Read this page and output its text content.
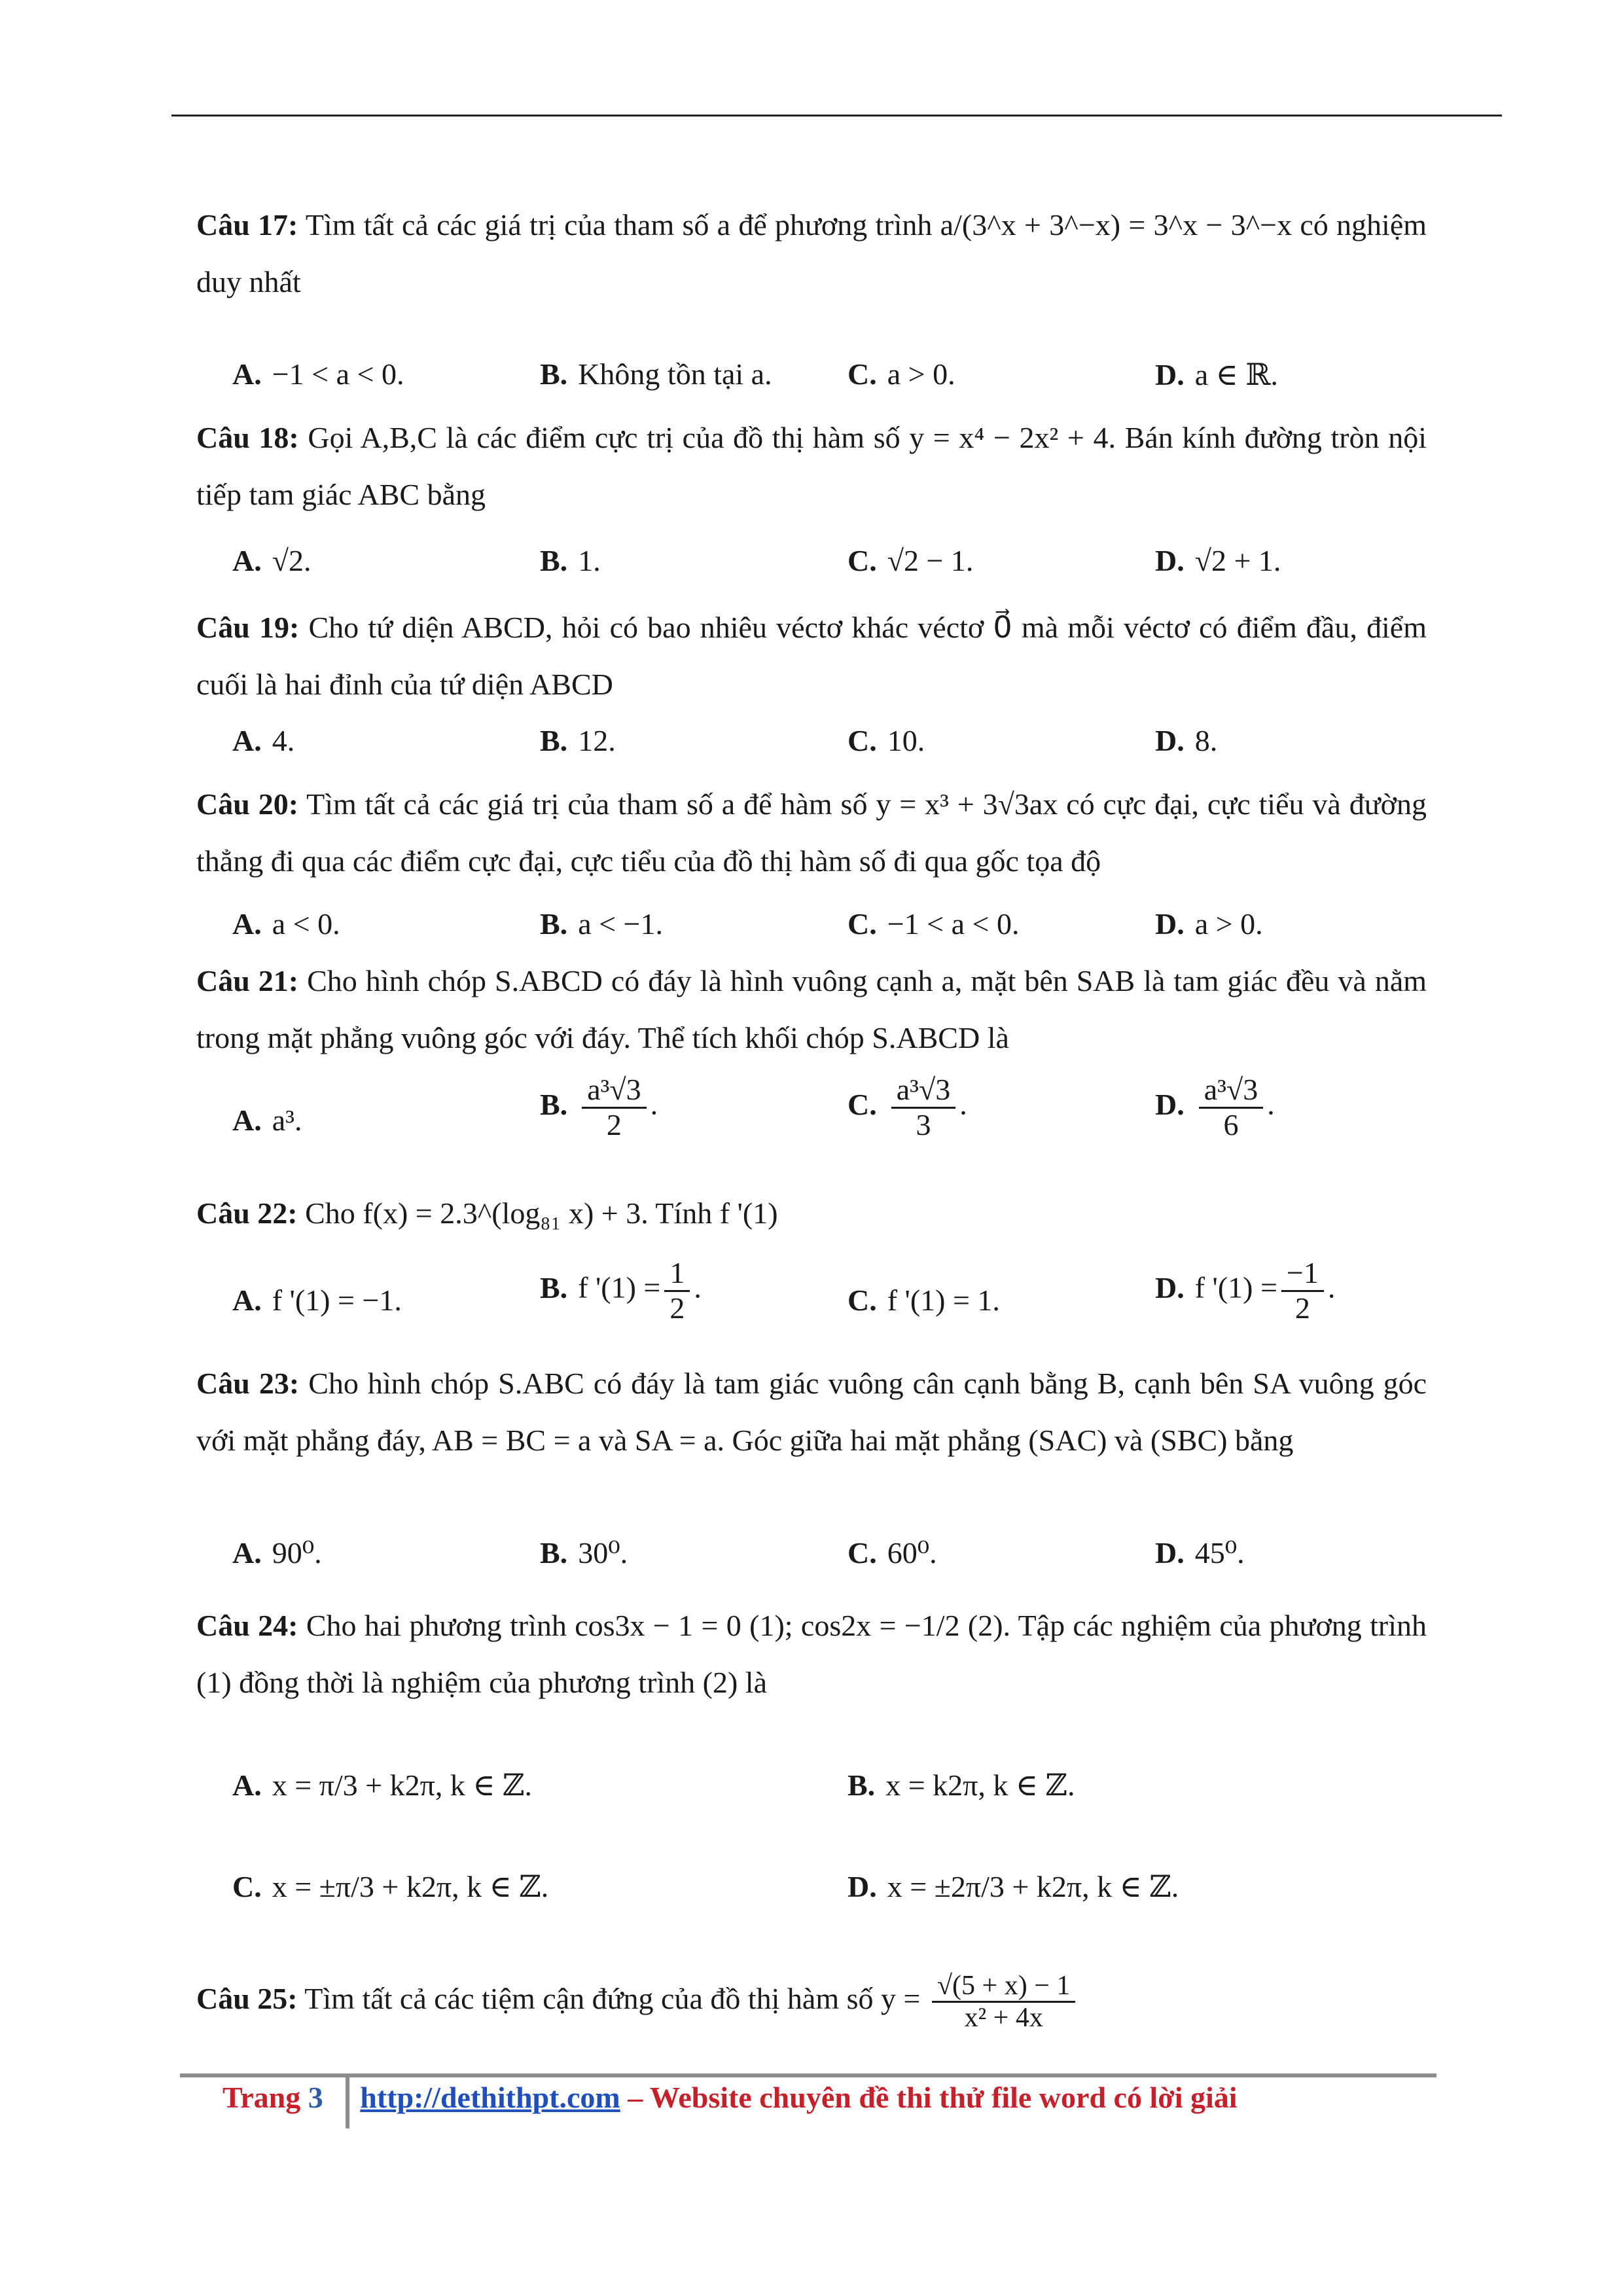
Câu 17: Tìm tất cả các giá trị của tham số a để phương trình a/(3^x + 3^−x) = 3^x − 3^−x có nghiệm duy nhất
A. −1 < a < 0.	B. Không tồn tại a.	C. a > 0.	D. a ∈ ℝ.
Câu 18: Gọi A,B,C là các điểm cực trị của đồ thị hàm số y = x⁴ − 2x² + 4. Bán kính đường tròn nội tiếp tam giác ABC bằng
A. √2.	B. 1.	C. √2 − 1.	D. √2 + 1.
Câu 19: Cho tứ diện ABCD, hỏi có bao nhiêu véctơ khác véctơ 0⃗ mà mỗi véctơ có điểm đầu, điểm cuối là hai đỉnh của tứ diện ABCD
A. 4.	B. 12.	C. 10.	D. 8.
Câu 20: Tìm tất cả các giá trị của tham số a để hàm số y = x³ + 3√3ax có cực đại, cực tiểu và đường thẳng đi qua các điểm cực đại, cực tiểu của đồ thị hàm số đi qua gốc tọa độ
A. a < 0.	B. a < −1.	C. −1 < a < 0.	D. a > 0.
Câu 21: Cho hình chóp S.ABCD có đáy là hình vuông cạnh a, mặt bên SAB là tam giác đều và nằm trong mặt phẳng vuông góc với đáy. Thể tích khối chóp S.ABCD là
A. a³.	B. $\frac{\text{a³√3}}{2}$ .	C. $\frac{\text{a³√3}}{3}$ .	D. $\frac{\text{a³√3}}{6}$ .
Câu 22: Cho f(x) = 2.3^(log₈₁ x) + 3. Tính f '(1)
A. f '(1) = −1.	B. f '$(1) = \frac{1}{2}$ .	C. f '(1) = 1.	D. f '$(1) = \frac{-1}{2}$ .
Câu 23: Cho hình chóp S.ABC có đáy là tam giác vuông cân cạnh bằng B, cạnh bên SA vuông góc với mặt phẳng đáy, AB = BC = a và SA = a. Góc giữa hai mặt phẳng (SAC) và (SBC) bằng
A. 90⁰.	B. 30⁰.	C. 60⁰.	D. 45⁰.
Câu 24: Cho hai phương trình cos3x − 1 = 0 (1); cos2x = −1/2 (2). Tập các nghiệm của phương trình (1) đồng thời là nghiệm của phương trình (2) là
A. x = π/3 + k2π, k ∈ ℤ.	B. x = k2π, k ∈ ℤ.
C. x = ±π/3 + k2π, k ∈ ℤ.	D. x = ±2π/3 + k2π, k ∈ ℤ.
Câu 25: Tìm tất cả các tiệm cận đứng của đồ thị hàm số $y = \frac{√(5 + x) - 1}{\text{x² + 4x}}$
Trang 3 http://dethithpt.com – Website chuyên đề thi thử file word có lời giải
